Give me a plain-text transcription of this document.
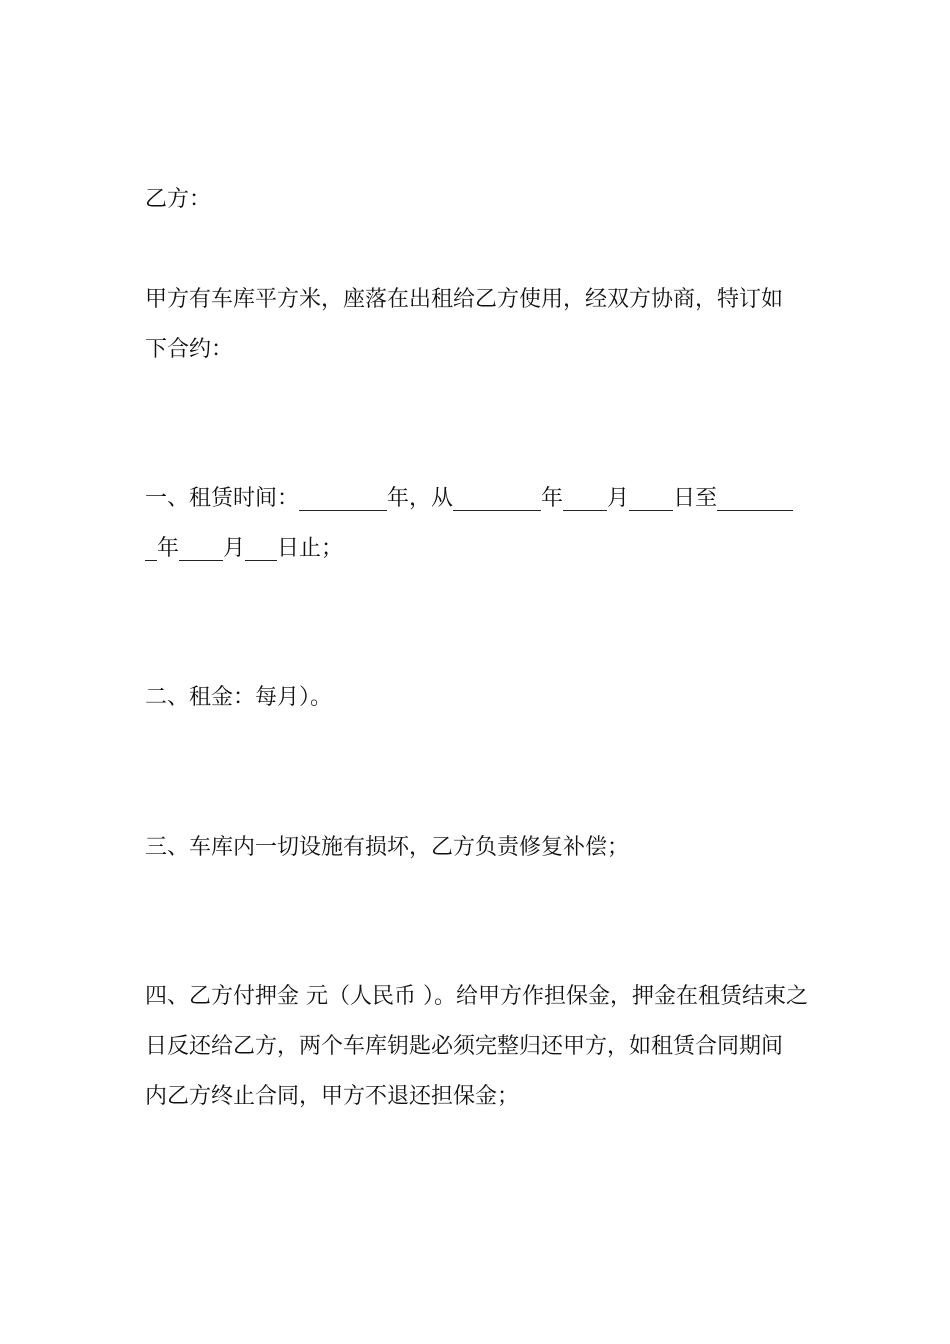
乙方：
甲方有车库平方米，座落在出租给乙方使用，经双方协商，特订如
下合约：
一、租赁时间：	年，从	年 月 日至
年 月 日止；
二、租金：每月）。
三、车库内一切设施有损坏，乙方负责修复补偿；
四、乙方付押金 元（人民币 ）。给甲方作担保金，押金在租赁结束之
日反还给乙方，两个车库钥匙必须完整归还甲方，如租赁合同期间
内乙方终止合同，甲方不退还担保金；
